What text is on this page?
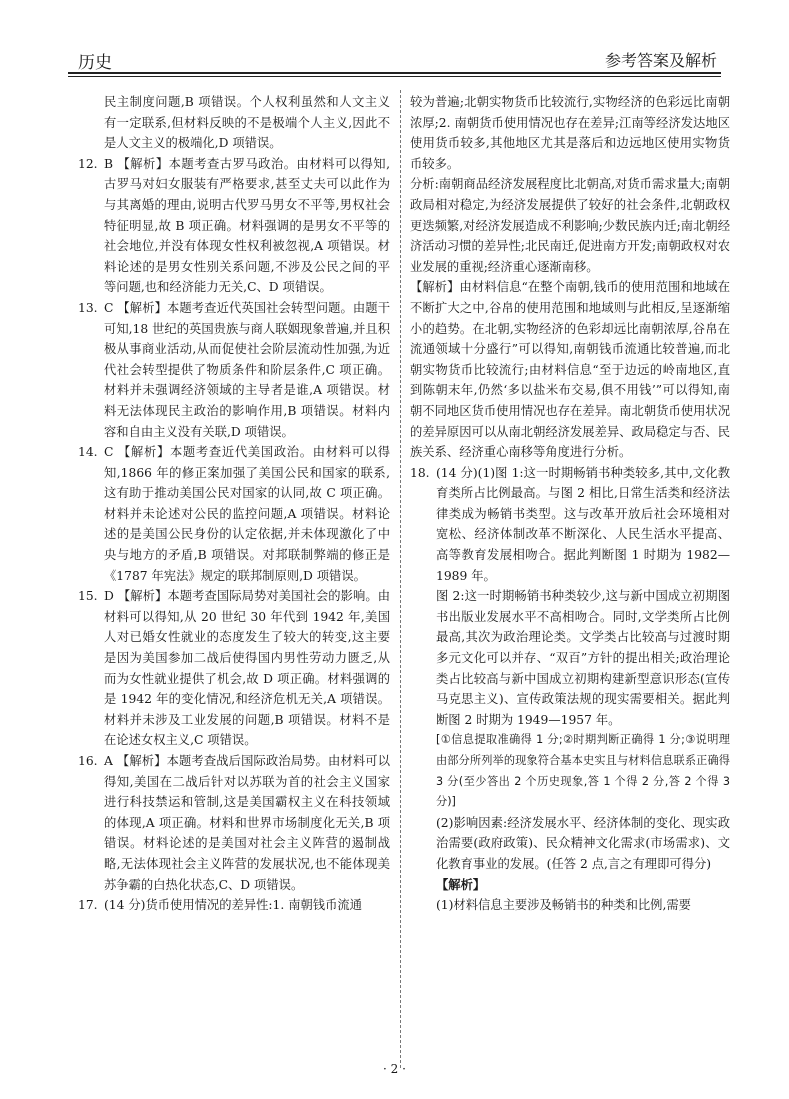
历史	参考答案及解析

民主制度问题,B 项错误。个人权利虽然和人文主义有一定联系,但材料反映的不是极端个人主义,因此不是人文主义的极端化,D 项错误。

12. B 【解析】本题考查古罗马政治。由材料可以得知,古罗马对妇女服装有严格要求,甚至丈夫可以此作为与其离婚的理由,说明古代罗马男女不平等,男权社会特征明显,故 B 项正确。材料强调的是男女不平等的社会地位,并没有体现女性权利被忽视,A 项错误。材料论述的是男女性别关系问题,不涉及公民之间的平等问题,也和经济能力无关,C、D 项错误。

13. C 【解析】本题考查近代英国社会转型问题。由题干可知,18 世纪的英国贵族与商人联姻现象普遍,并且积极从事商业活动,从而促使社会阶层流动性加强,为近代社会转型提供了物质条件和阶层条件,C 项正确。材料并未强调经济领域的主导者是谁,A 项错误。材料无法体现民主政治的影响作用,B 项错误。材料内容和自由主义没有关联,D 项错误。

14. C 【解析】本题考查近代美国政治。由材料可以得知,1866 年的修正案加强了美国公民和国家的联系,这有助于推动美国公民对国家的认同,故 C 项正确。材料并未论述对公民的监控问题,A 项错误。材料论述的是美国公民身份的认定依据,并未体现激化了中央与地方的矛盾,B 项错误。对邦联制弊端的修正是《1787 年宪法》规定的联邦制原则,D 项错误。

15. D 【解析】本题考查国际局势对美国社会的影响。由材料可以得知,从 20 世纪 30 年代到 1942 年,美国人对已婚女性就业的态度发生了较大的转变,这主要是因为美国参加二战后使得国内男性劳动力匮乏,从而为女性就业提供了机会,故 D 项正确。材料强调的是 1942 年的变化情况,和经济危机无关,A 项错误。材料并未涉及工业发展的问题,B 项错误。材料不是在论述女权主义,C 项错误。

16. A 【解析】本题考查战后国际政治局势。由材料可以得知,美国在二战后针对以苏联为首的社会主义国家进行科技禁运和管制,这是美国霸权主义在科技领域的体现,A 项正确。材料和世界市场制度化无关,B 项错误。材料论述的是美国对社会主义阵营的遏制战略,无法体现社会主义阵营的发展状况,也不能体现美苏争霸的白热化状态,C、D 项错误。

17. (14 分)货币使用情况的差异性:1. 南朝钱币流通

较为普遍;北朝实物货币比较流行,实物经济的色彩远比南朝浓厚;2. 南朝货币使用情况也存在差异;江南等经济发达地区使用货币较多,其他地区尤其是落后和边远地区使用实物货币较多。

分析:南朝商品经济发展程度比北朝高,对货币需求量大;南朝政局相对稳定,为经济发展提供了较好的社会条件,北朝政权更迭频繁,对经济发展造成不利影响;少数民族内迁;南北朝经济活动习惯的差异性;北民南迁,促进南方开发;南朝政权对农业发展的重视;经济重心逐渐南移。

【解析】由材料信息“在整个南朝,钱币的使用范围和地域在不断扩大之中,谷帛的使用范围和地域则与此相反,呈逐渐缩小的趋势。在北朝,实物经济的色彩却远比南朝浓厚,谷帛在流通领域十分盛行”可以得知,南朝钱币流通比较普遍,而北朝实物货币比较流行;由材料信息“至于边远的岭南地区,直到陈朝末年,仍然‘多以盐米布交易,俱不用钱’”可以得知,南朝不同地区货币使用情况也存在差异。南北朝货币使用状况的差异原因可以从南北朝经济发展差异、政局稳定与否、民族关系、经济重心南移等角度进行分析。

18. (14 分)(1)图 1:这一时期畅销书种类较多,其中,文化教育类所占比例最高。与图 2 相比,日常生活类和经济法律类成为畅销书类型。这与改革开放后社会环境相对宽松、经济体制改革不断深化、人民生活水平提高、高等教育发展相吻合。据此判断图 1 时期为 1982—1989 年。

图 2:这一时期畅销书种类较少,这与新中国成立初期图书出版业发展水平不高相吻合。同时,文学类所占比例最高,其次为政治理论类。文学类占比较高与过渡时期多元文化可以并存、“双百”方针的提出相关;政治理论类占比较高与新中国成立初期构建新型意识形态(宣传马克思主义)、宣传政策法规的现实需要相关。据此判断图 2 时期为 1949—1957 年。

[①信息提取准确得 1 分;②时期判断正确得 1 分;③说明理由部分所列举的现象符合基本史实且与材料信息联系正确得 3 分(至少答出 2 个历史现象,答 1 个得 2 分,答 2 个得 3 分)]

(2)影响因素:经济发展水平、经济体制的变化、现实政治需要(政府政策)、民众精神文化需求(市场需求)、文化教育事业的发展。(任答 2 点,言之有理即可得分)

【解析】

(1)材料信息主要涉及畅销书的种类和比例,需要

· 2 ·
